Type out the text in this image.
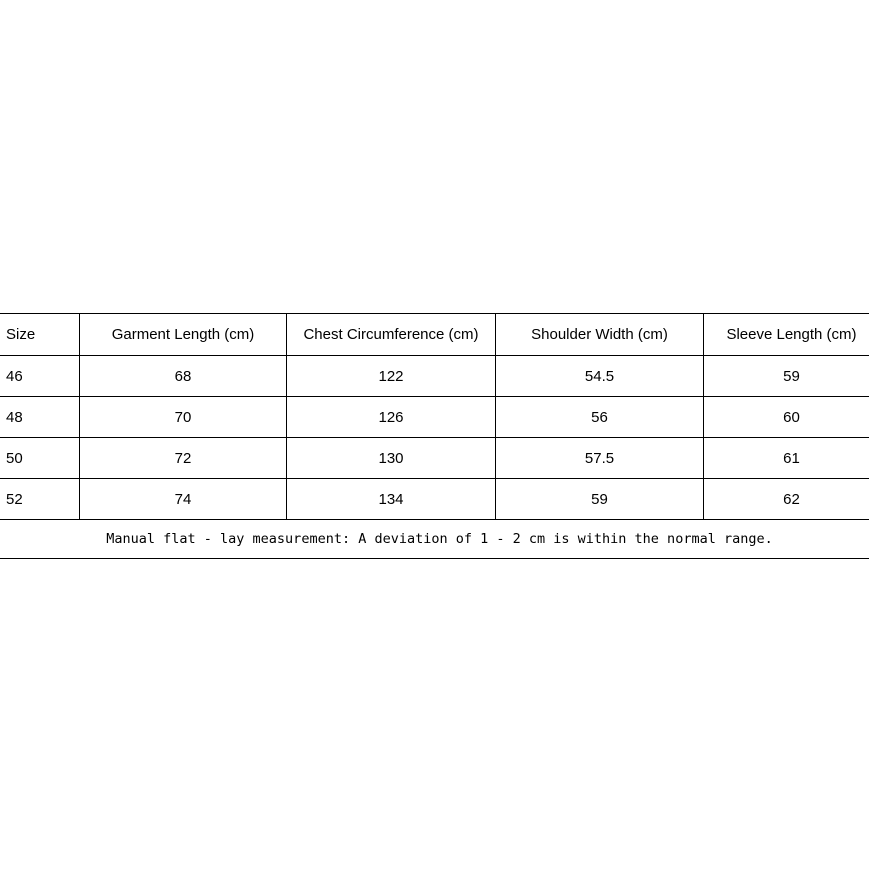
Size	Garment Length (cm)	Chest Circumference (cm)	Shoulder Width (cm)	Sleeve Length (cm)
46	68	122	54.5	59
48	70	126	56	60
50	72	130	57.5	61
52	74	134	59	62
Manual flat - lay measurement: A deviation of 1 - 2 cm is within the normal range.				
